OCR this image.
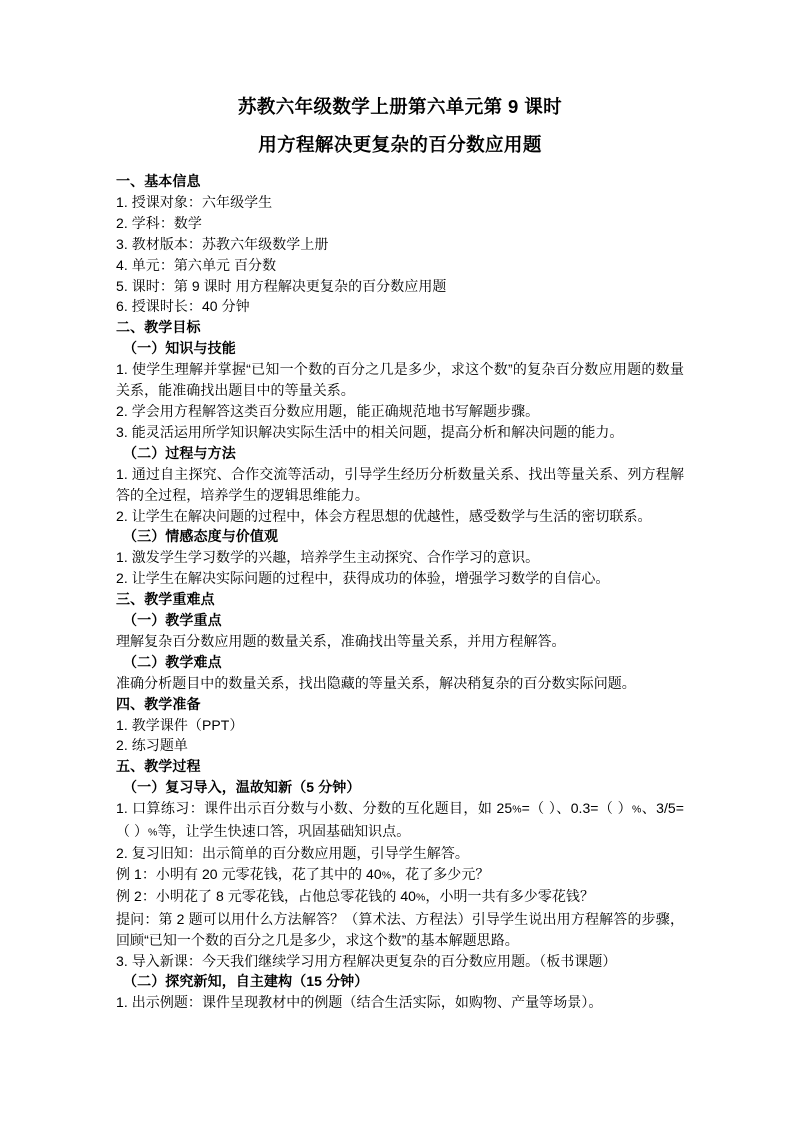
苏教六年级数学上册第六单元第 9 课时
用方程解决更复杂的百分数应用题
一、基本信息
1. 授课对象：六年级学生
2. 学科：数学
3. 教材版本：苏教六年级数学上册
4. 单元：第六单元 百分数
5. 课时：第 9 课时 用方程解决更复杂的百分数应用题
6. 授课时长：40 分钟
二、教学目标
（一）知识与技能
1. 使学生理解并掌握“已知一个数的百分之几是多少，求这个数”的复杂百分数应用题的数量关系，能准确找出题目中的等量关系。
2. 学会用方程解答这类百分数应用题，能正确规范地书写解题步骤。
3. 能灵活运用所学知识解决实际生活中的相关问题，提高分析和解决问题的能力。
（二）过程与方法
1. 通过自主探究、合作交流等活动，引导学生经历分析数量关系、找出等量关系、列方程解答的全过程，培养学生的逻辑思维能力。
2. 让学生在解决问题的过程中，体会方程思想的优越性，感受数学与生活的密切联系。
（三）情感态度与价值观
1. 激发学生学习数学的兴趣，培养学生主动探究、合作学习的意识。
2. 让学生在解决实际问题的过程中，获得成功的体验，增强学习数学的自信心。
三、教学重难点
（一）教学重点
理解复杂百分数应用题的数量关系，准确找出等量关系，并用方程解答。
（二）教学难点
准确分析题目中的数量关系，找出隐藏的等量关系，解决稍复杂的百分数实际问题。
四、教学准备
1. 教学课件（PPT）
2. 练习题单
五、教学过程
（一）复习导入，温故知新（5 分钟）
1. 口算练习：课件出示百分数与小数、分数的互化题目，如 25%=（ ）、0.3=（ ）%、3/5=（ ）%等，让学生快速口答，巩固基础知识点。
2. 复习旧知：出示简单的百分数应用题，引导学生解答。
例 1：小明有 20 元零花钱，花了其中的 40%，花了多少元？
例 2：小明花了 8 元零花钱，占他总零花钱的 40%，小明一共有多少零花钱？
提问：第 2 题可以用什么方法解答？（算术法、方程法）引导学生说出用方程解答的步骤，回顾“已知一个数的百分之几是多少，求这个数”的基本解题思路。
3. 导入新课：今天我们继续学习用方程解决更复杂的百分数应用题。（板书课题）
（二）探究新知，自主建构（15 分钟）
1. 出示例题：课件呈现教材中的例题（结合生活实际，如购物、产量等场景）。
